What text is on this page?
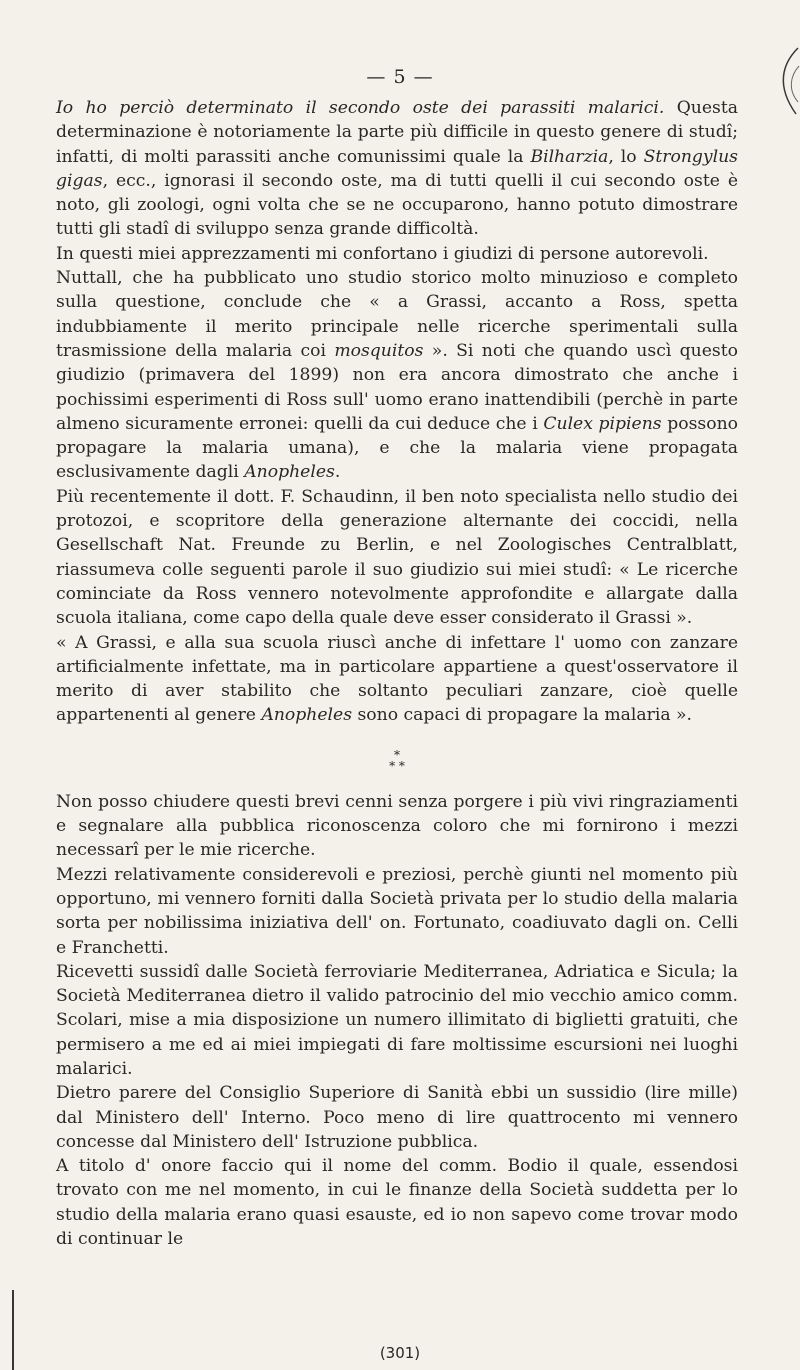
— 5 —

Io ho perciò determinato il secondo oste dei parassiti malarici. Questa determinazione è notoriamente la parte più difficile in questo genere di studî; infatti, di molti parassiti anche comunissimi quale la Bilharzia, lo Strongylus gigas, ecc., ignorasi il secondo oste, ma di tutti quelli il cui secondo oste è noto, gli zoologi, ogni volta che se ne occuparono, hanno potuto dimostrare tutti gli stadî di sviluppo senza grande difficoltà.

In questi miei apprezzamenti mi confortano i giudizi di persone autorevoli.

Nuttall, che ha pubblicato uno studio storico molto minuzioso e completo sulla questione, conclude che « a Grassi, accanto a Ross, spetta indubbiamente il merito principale nelle ricerche sperimentali sulla trasmissione della malaria coi mosquitos ». Si noti che quando uscì questo giudizio (primavera del 1899) non era ancora dimostrato che anche i pochissimi esperimenti di Ross sull' uomo erano inattendibili (perchè in parte almeno sicuramente erronei: quelli da cui deduce che i Culex pipiens possono propagare la malaria umana), e che la malaria viene propagata esclusivamente dagli Anopheles.

Più recentemente il dott. F. Schaudinn, il ben noto specialista nello studio dei protozoi, e scopritore della generazione alternante dei coccidi, nella Gesellschaft Nat. Freunde zu Berlin, e nel Zoologisches Centralblatt, riassumeva colle seguenti parole il suo giudizio sui miei studî: « Le ricerche cominciate da Ross vennero notevolmente approfondite e allargate dalla scuola italiana, come capo della quale deve esser considerato il Grassi ».

« A Grassi, e alla sua scuola riuscì anche di infettare l' uomo con zanzare artificialmente infettate, ma in particolare appartiene a quest'osservatore il merito di aver stabilito che soltanto peculiari zanzare, cioè quelle appartenenti al genere Anopheles sono capaci di propagare la malaria ».

*
* *

Non posso chiudere questi brevi cenni senza porgere i più vivi ringraziamenti e segnalare alla pubblica riconoscenza coloro che mi fornirono i mezzi necessarî per le mie ricerche.

Mezzi relativamente considerevoli e preziosi, perchè giunti nel momento più opportuno, mi vennero forniti dalla Società privata per lo studio della malaria sorta per nobilissima iniziativa dell' on. Fortunato, coadiuvato dagli on. Celli e Franchetti.

Ricevetti sussidî dalle Società ferroviarie Mediterranea, Adriatica e Sicula; la Società Mediterranea dietro il valido patrocinio del mio vecchio amico comm. Scolari, mise a mia disposizione un numero illimitato di biglietti gratuiti, che permisero a me ed ai miei impiegati di fare moltissime escursioni nei luoghi malarici.

Dietro parere del Consiglio Superiore di Sanità ebbi un sussidio (lire mille) dal Ministero dell' Interno. Poco meno di lire quattrocento mi vennero concesse dal Ministero dell' Istruzione pubblica.

A titolo d' onore faccio qui il nome del comm. Bodio il quale, essendosi trovato con me nel momento, in cui le finanze della Società suddetta per lo studio della malaria erano quasi esauste, ed io non sapevo come trovar modo di continuar le

(301)
